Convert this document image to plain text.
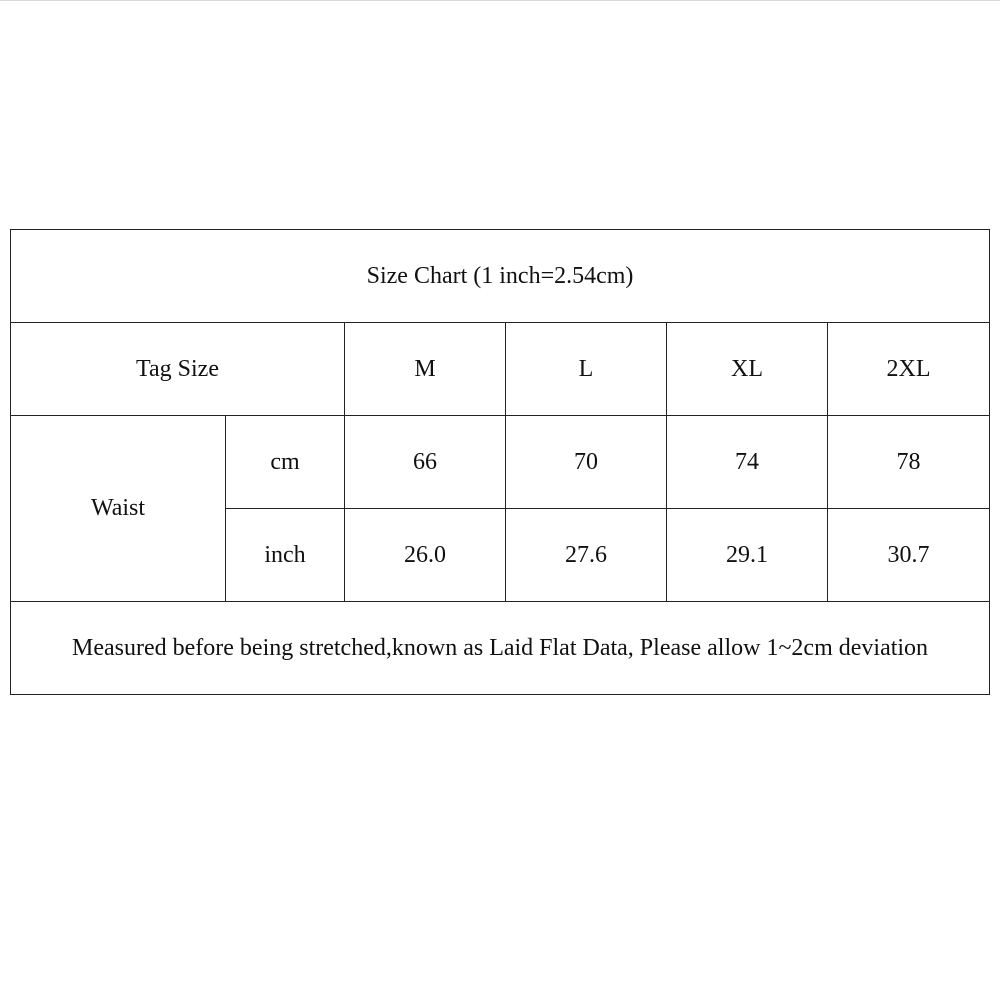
Size Chart (1 inch=2.54cm)					
Tag Size		M	L	XL	2XL
Waist	cm	66	70	74	78
	inch	26.0	27.6	29.1	30.7
Measured before being stretched,known as Laid Flat Data, Please allow 1~2cm deviation					
